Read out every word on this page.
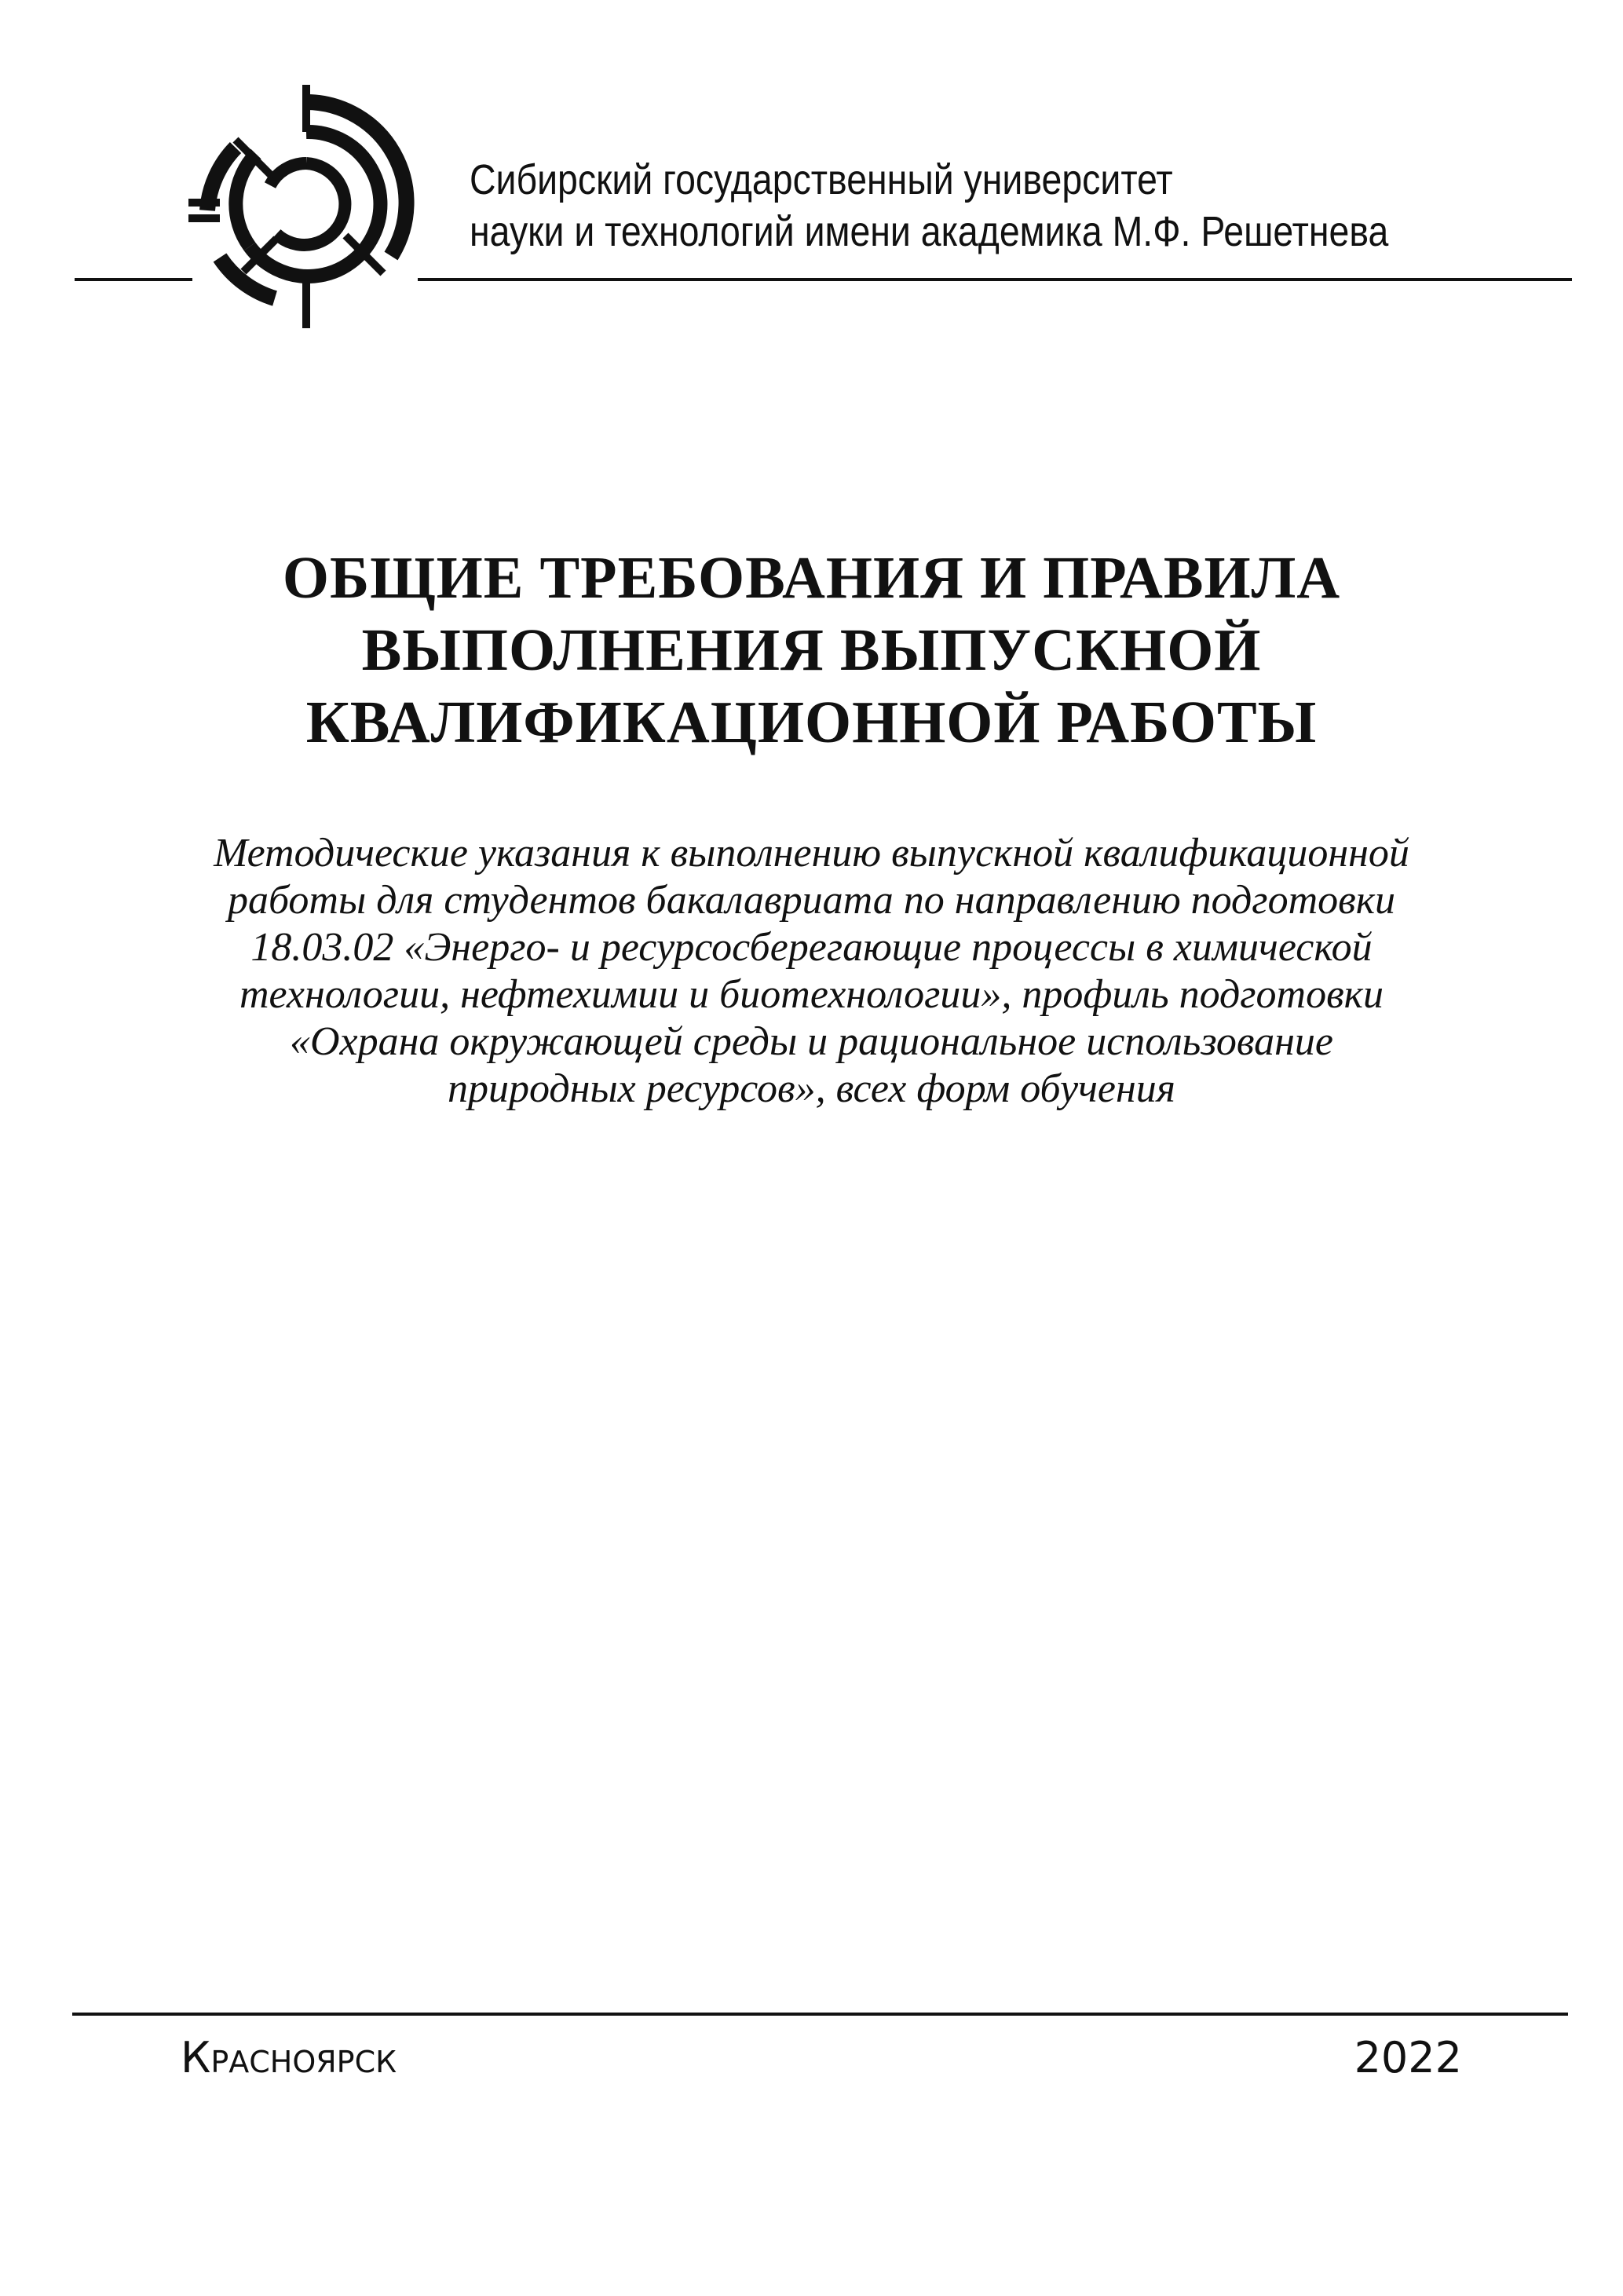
Сибирский государственный университет
науки и технологий имени академика М.Ф. Решетнева
ОБЩИЕ ТРЕБОВАНИЯ И ПРАВИЛА
ВЫПОЛНЕНИЯ ВЫПУСКНОЙ
КВАЛИФИКАЦИОННОЙ РАБОТЫ
Методические указания к выполнению выпускной квалификационной
работы для студентов бакалавриата по направлению подготовки
18.03.02 «Энерго- и ресурсосберегающие процессы в химической
технологии, нефтехимии и биотехнологии», профиль подготовки
«Охрана окружающей среды и рациональное использование
природных ресурсов», всех форм обучения
Красноярск	2022
